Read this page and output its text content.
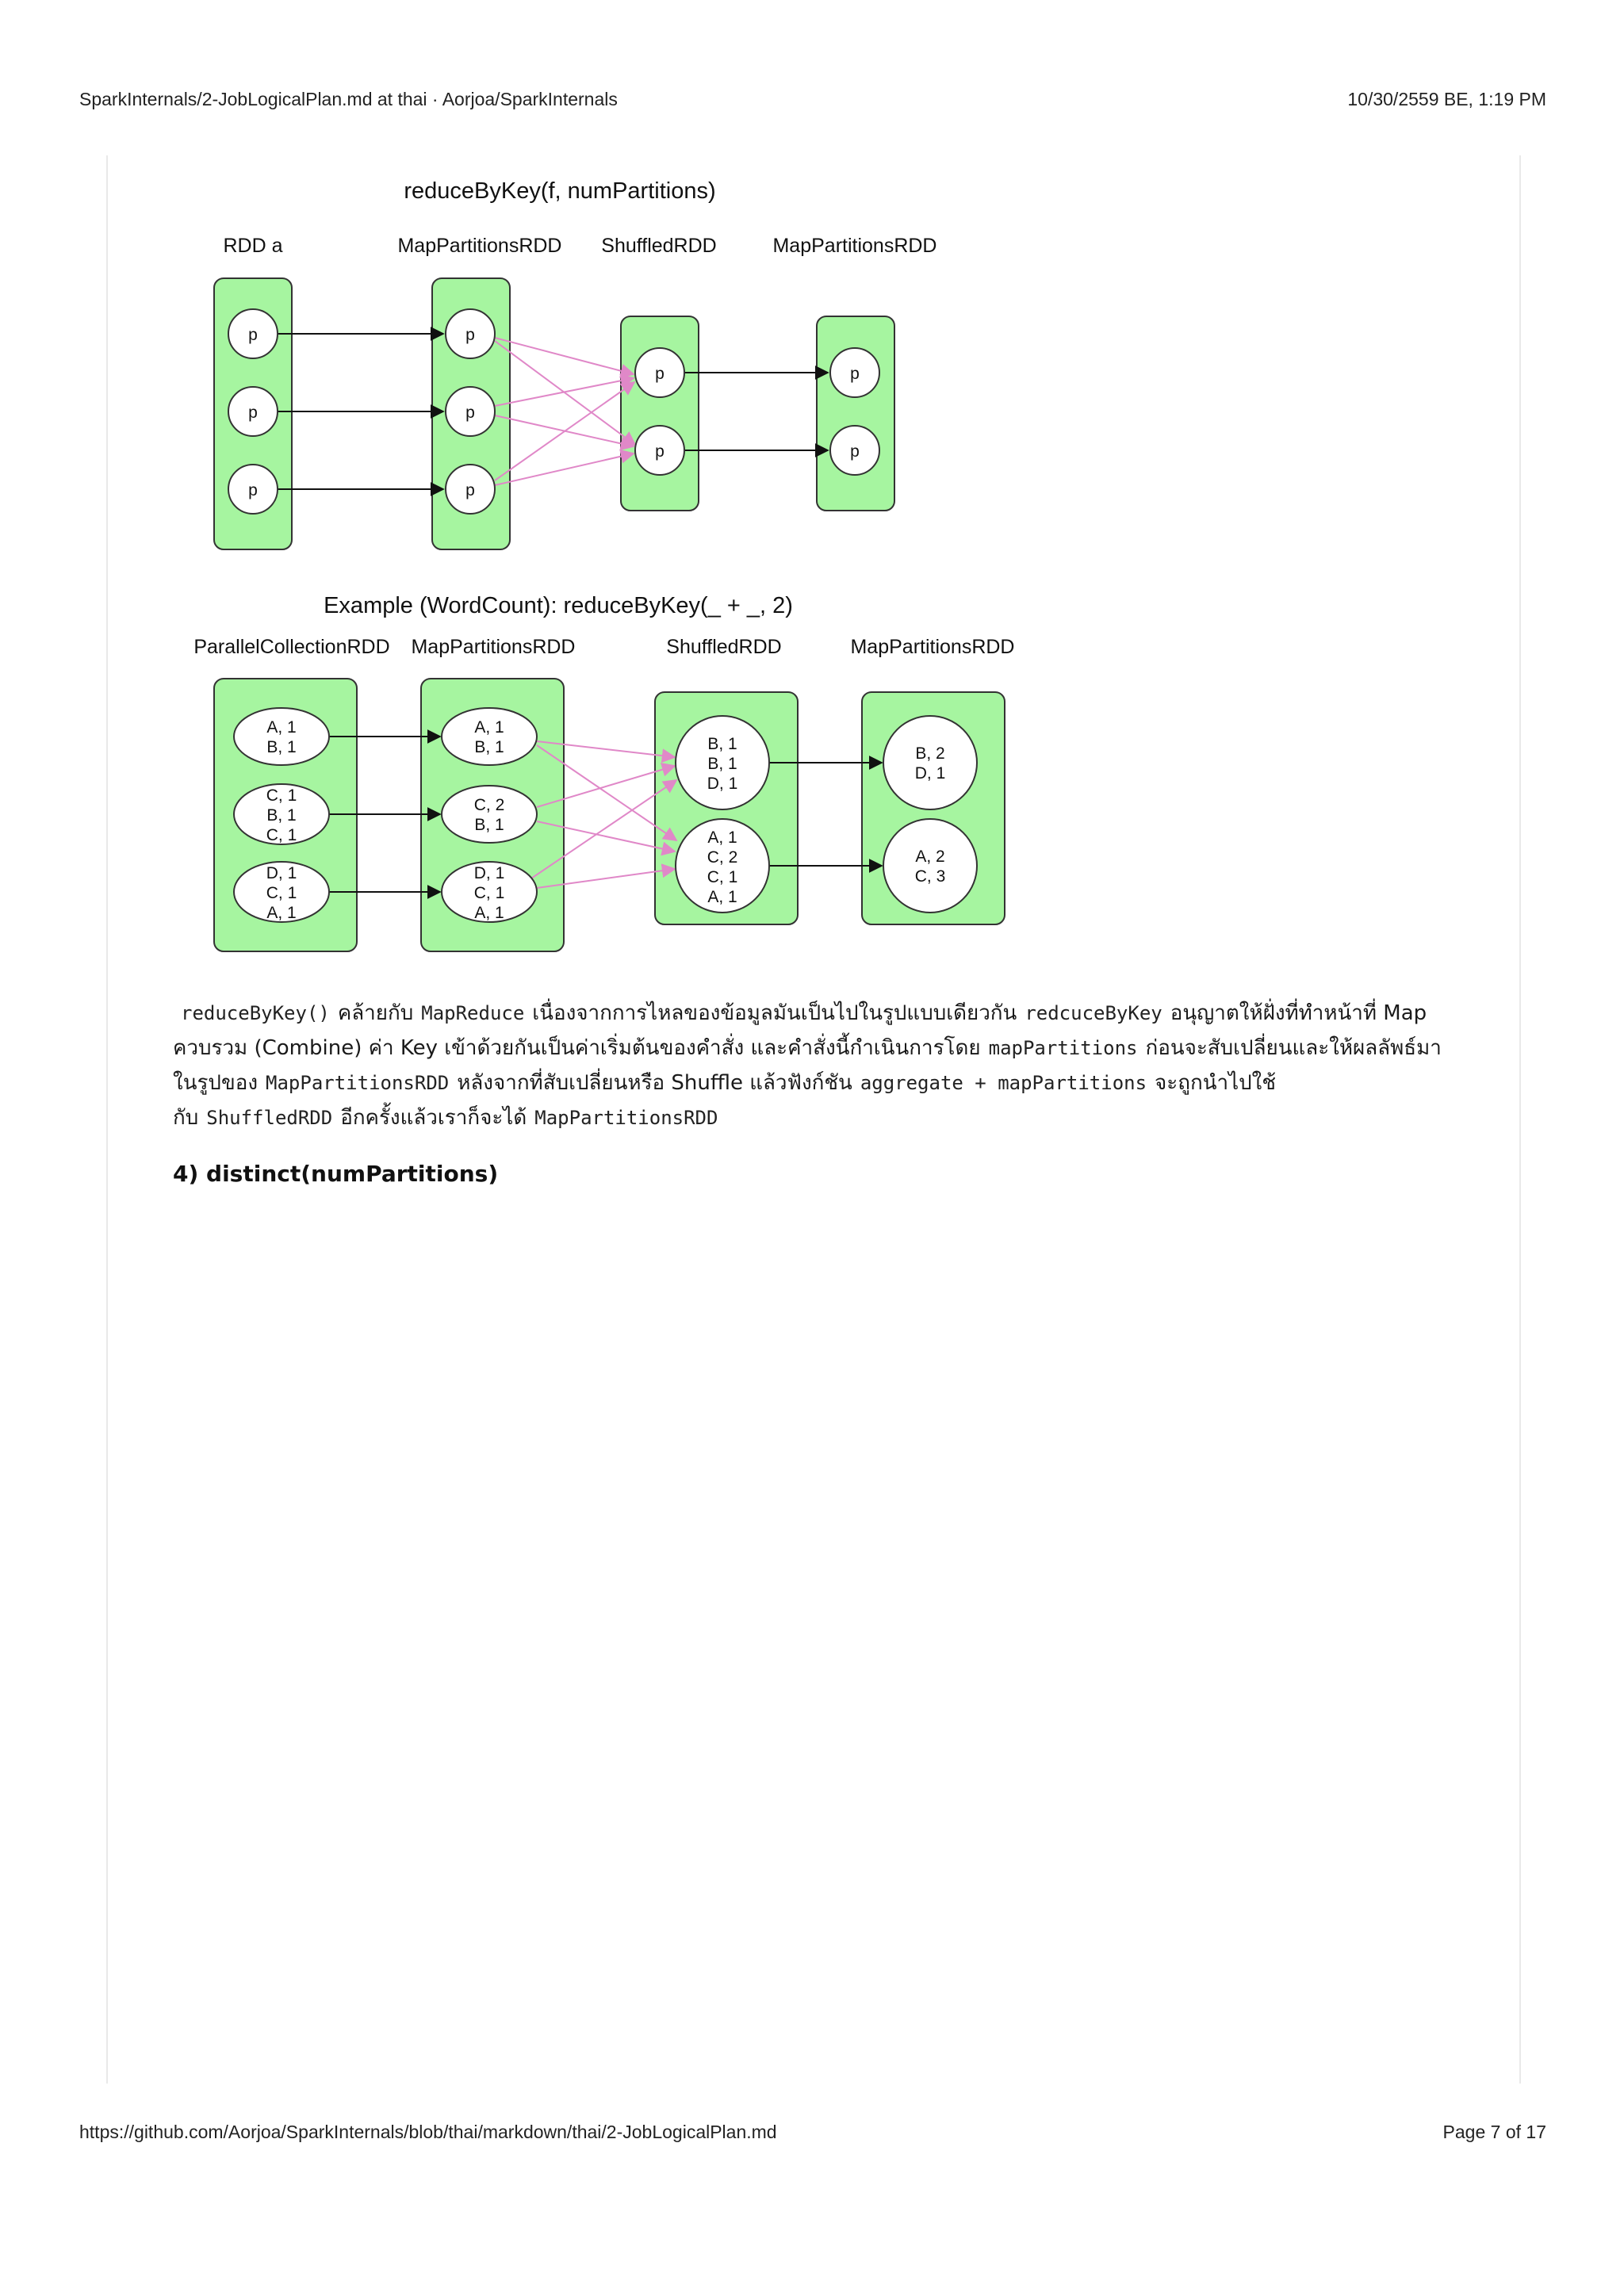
SparkInternals/2-JobLogicalPlan.md at thai · Aorjoa/SparkInternals	10/30/2559 BE, 1:19 PM
reduceByKey(f, numPartitions)
RDD a	MapPartitionsRDD ShuffledRDD	MapPartitionsRDD
p
p
p
p
p
p
p
p
p
p
Example (WordCount): reduceByKey(_ + _, 2)
ParallelCollectionRDD MapPartitionsRDD	ShuffledRDD	MapPartitionsRDD
A, 1
B, 1
C, 1
B, 1
C, 1
D, 1
C, 1
A, 1
A, 1
B, 1
C, 2
B, 1
D, 1
C, 1
A, 1
B, 1
B, 1
D, 1
A, 1
C, 2
C, 1
A, 1
B, 2
D, 1
A, 2
C, 3
reduceByKey() คล้ายกับ MapReduce เนื่องจากการไหลของข้อมูลมันเป็นไปในรูปแบบเดียวกัน redcuceByKey อนุญาตให้ฝั่งที่ทำหน้าที่ Map ควบรวม (Combine) ค่า Key เข้าด้วยกันเป็นค่าเริ่มต้นของคำสั่ง และคำสั่งนี้กำเนินการโดย mapPartitions ก่อนจะสับเปลี่ยนและให้ผลลัพธ์มาในรูปของ MapPartitionsRDD หลังจากที่สับเปลี่ยนหรือ Shuffle แล้วฟังก์ชัน aggregate + mapPartitions จะถูกนำไปใช้กับ ShuffledRDD อีกครั้งแล้วเราก็จะได้ MapPartitionsRDD
4) distinct(numPartitions)
https://github.com/Aorjoa/SparkInternals/blob/thai/markdown/thai/2-JobLogicalPlan.md	Page 7 of 17
